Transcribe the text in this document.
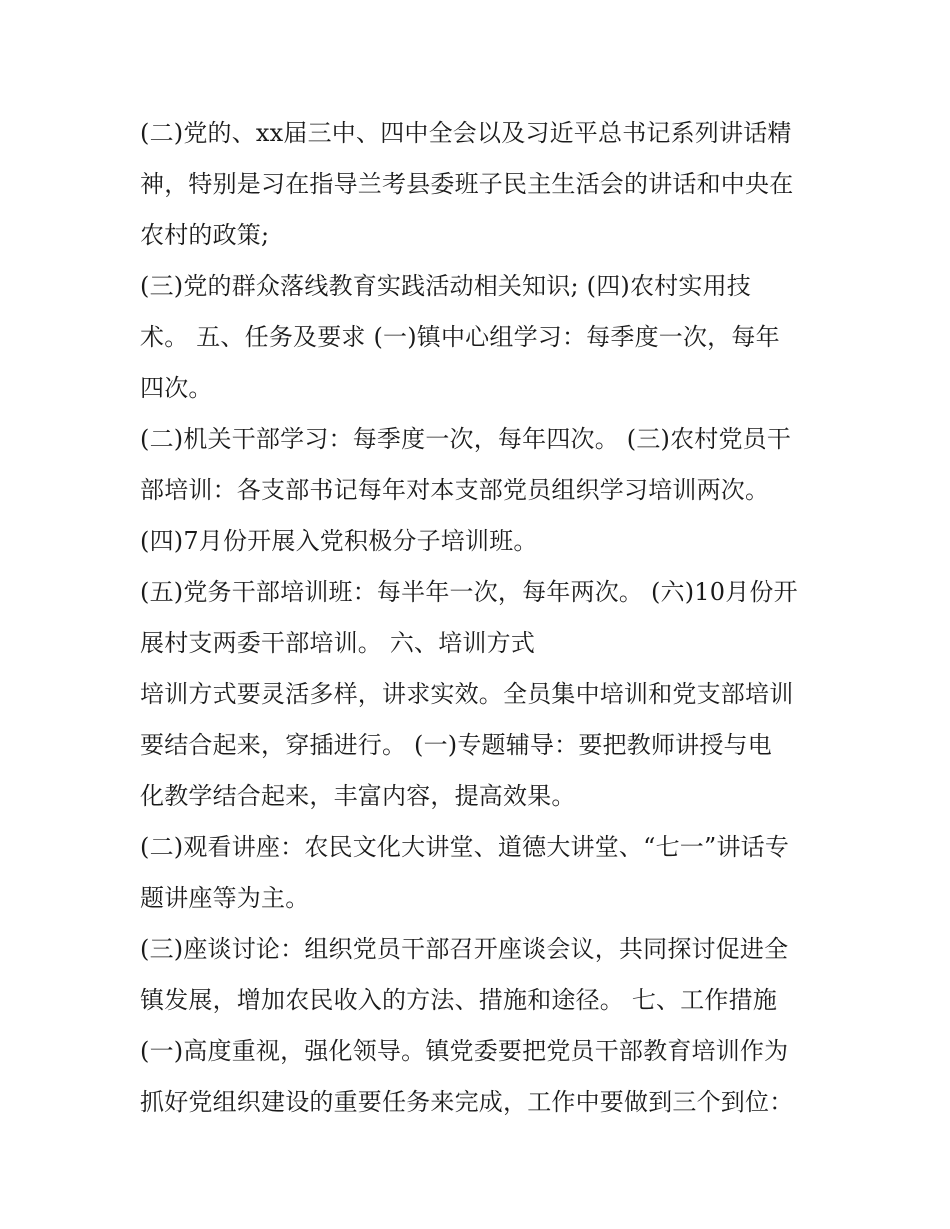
(二)党的、xx届三中、四中全会以及习近平总书记系列讲话精
神，特别是习在指导兰考县委班子民主生活会的讲话和中央在
农村的政策;
(三)党的群众落线教育实践活动相关知识; (四)农村实用技
术。 五、任务及要求 (一)镇中心组学习：每季度一次，每年
四次。
(二)机关干部学习：每季度一次，每年四次。 (三)农村党员干
部培训：各支部书记每年对本支部党员组织学习培训两次。
(四)7月份开展入党积极分子培训班。
(五)党务干部培训班：每半年一次，每年两次。 (六)10月份开
展村支两委干部培训。 六、培训方式
培训方式要灵活多样，讲求实效。全员集中培训和党支部培训
要结合起来，穿插进行。 (一)专题辅导：要把教师讲授与电
化教学结合起来，丰富内容，提高效果。
(二)观看讲座：农民文化大讲堂、道德大讲堂、“七一”讲话专
题讲座等为主。
(三)座谈讨论：组织党员干部召开座谈会议，共同探讨促进全
镇发展，增加农民收入的方法、措施和途径。 七、工作措施
(一)高度重视，强化领导。镇党委要把党员干部教育培训作为
抓好党组织建设的重要任务来完成，工作中要做到三个到位：
